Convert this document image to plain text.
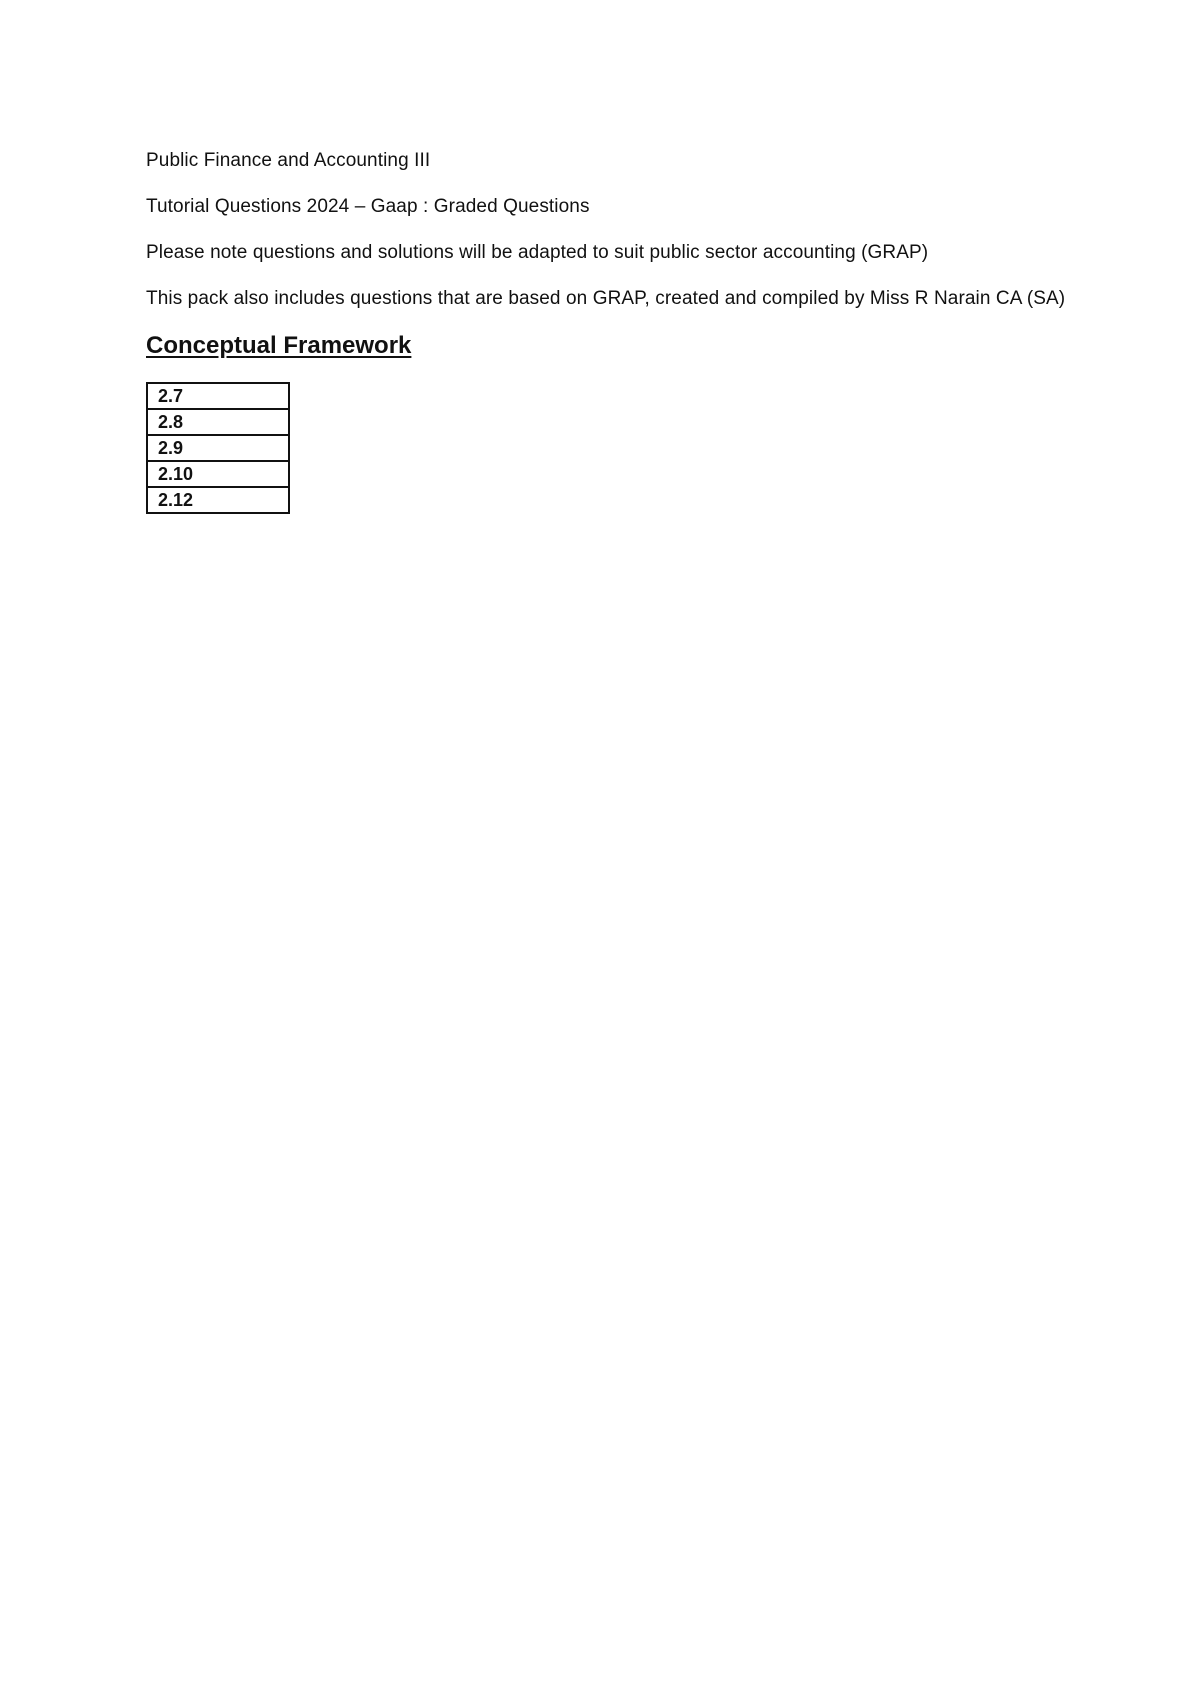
Public Finance and Accounting III

Tutorial Questions 2024 – Gaap : Graded Questions

Please note questions and solutions will be adapted to suit public sector accounting (GRAP)

This pack also includes questions that are based on GRAP, created and compiled by Miss R Narain CA (SA)

Conceptual Framework
2.7
2.8
2.9
2.10
2.12
